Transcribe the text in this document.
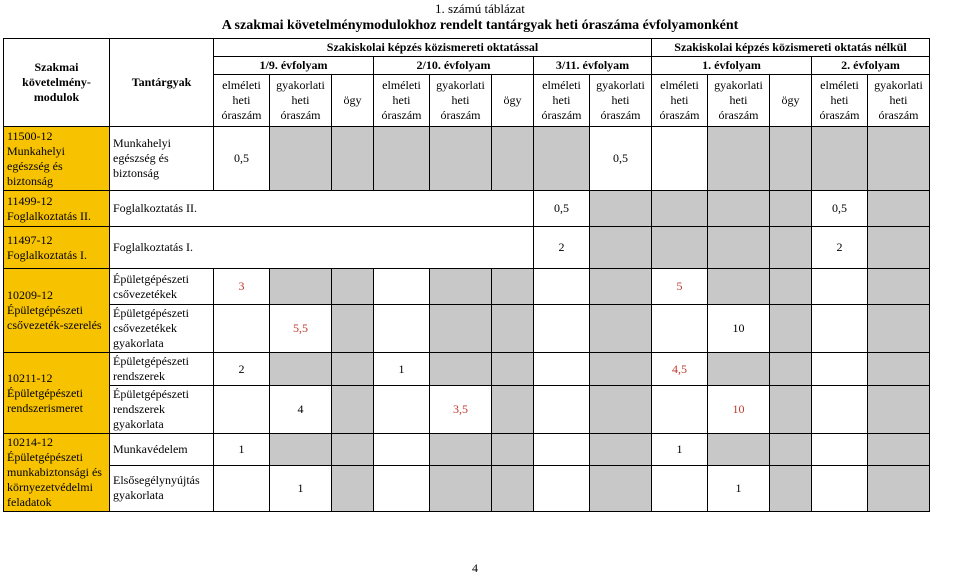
1. számú táblázat
A szakmai követelménymodulokhoz rendelt tantárgyak heti óraszáma évfolyamonként
Szakmai követelmény-modulok	Tantárgyak	Szakiskolai képzés közismereti oktatással								Szakiskolai képzés közismereti oktatás nélkül				
		1/9. évfolyam			2/10. évfolyam			3/11. évfolyam		1. évfolyam			2. évfolyam	
		elméleti heti óraszám	gyakorlati heti óraszám	ögy	elméleti heti óraszám	gyakorlati heti óraszám	ögy	elméleti heti óraszám	gyakorlati heti óraszám	elméleti heti óraszám	gyakorlati heti óraszám	ögy	elméleti heti óraszám	gyakorlati heti óraszám
11500-12 Munkahelyi egészség és biztonság	Munkahelyi egészség és biztonság	0,5							0,5					
11499-12 Foglalkoztatás II.	Foglalkoztatás II.							0,5					0,5	
11497-12 Foglalkoztatás I.	Foglalkoztatás I.							2					2	
10209-12 Épületgépészeti csővezeték-szerelés	Épületgépészeti csővezetékek	3								5				
	Épületgépészeti csővezetékek gyakorlata		5,5								10			
10211-12 Épületgépészeti rendszerismeret	Épületgépészeti rendszerek	2			1					4,5				
	Épületgépészeti rendszerek gyakorlata		4			3,5					10			
10214-12 Épületgépészeti munkabiztonsági és környezetvédelmi feladatok	Munkavédelem	1								1				
	Elsősegélynyújtás gyakorlata		1								1			
4
